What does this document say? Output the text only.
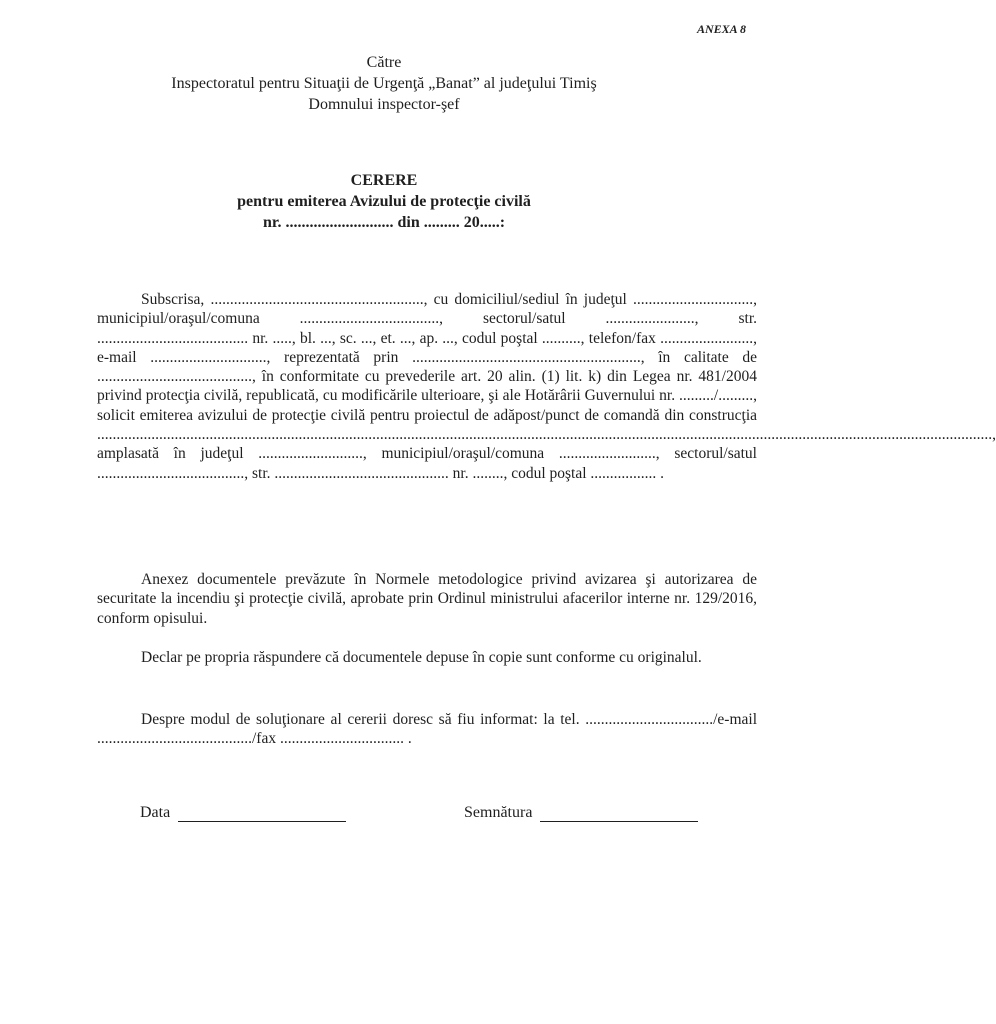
ANEXA 8
Către
Inspectoratul pentru Situaţii de Urgenţă „Banat” al judeţului Timiş
Domnului inspector-şef
CERERE
pentru emiterea Avizului de protecţie civilă
nr. ........................... din ......... 20.....:

Subscrisa, ......................................................., cu domiciliul/sediul în judeţul ..............................., municipiul/oraşul/comuna ...................................., sectorul/satul ......................., str. ....................................... nr. ....., bl. ..., sc. ..., et. ..., ap. ..., codul poştal .........., telefon/fax ........................, e-mail .............................., reprezentată prin ..........................................................., în calitate de ........................................, în conformitate cu prevederile art. 20 alin. (1) lit. k) din Legea nr. 481/2004 privind protecţia civilă, republicată, cu modificările ulterioare, şi ale Hotărârii Guvernului nr. ........./........., solicit emiterea avizului de protecţie civilă pentru proiectul de adăpost/punct de comandă din construcţia ......................................................................................................................................................................................................................................., amplasată în judeţul ..........................., municipiul/oraşul/comuna ........................., sectorul/satul ......................................, str. ............................................. nr. ........, codul poştal ................. .

Anexez documentele prevăzute în Normele metodologice privind avizarea şi autorizarea de securitate la incendiu şi protecţie civilă, aprobate prin Ordinul ministrului afacerilor interne nr. 129/2016, conform opisului.

Declar pe propria răspundere că documentele depuse în copie sunt conforme cu originalul.

Despre modul de soluţionare al cererii doresc să fiu informat: la tel. ................................./e-mail ......................................../fax ................................ .

Data	Semnătura
